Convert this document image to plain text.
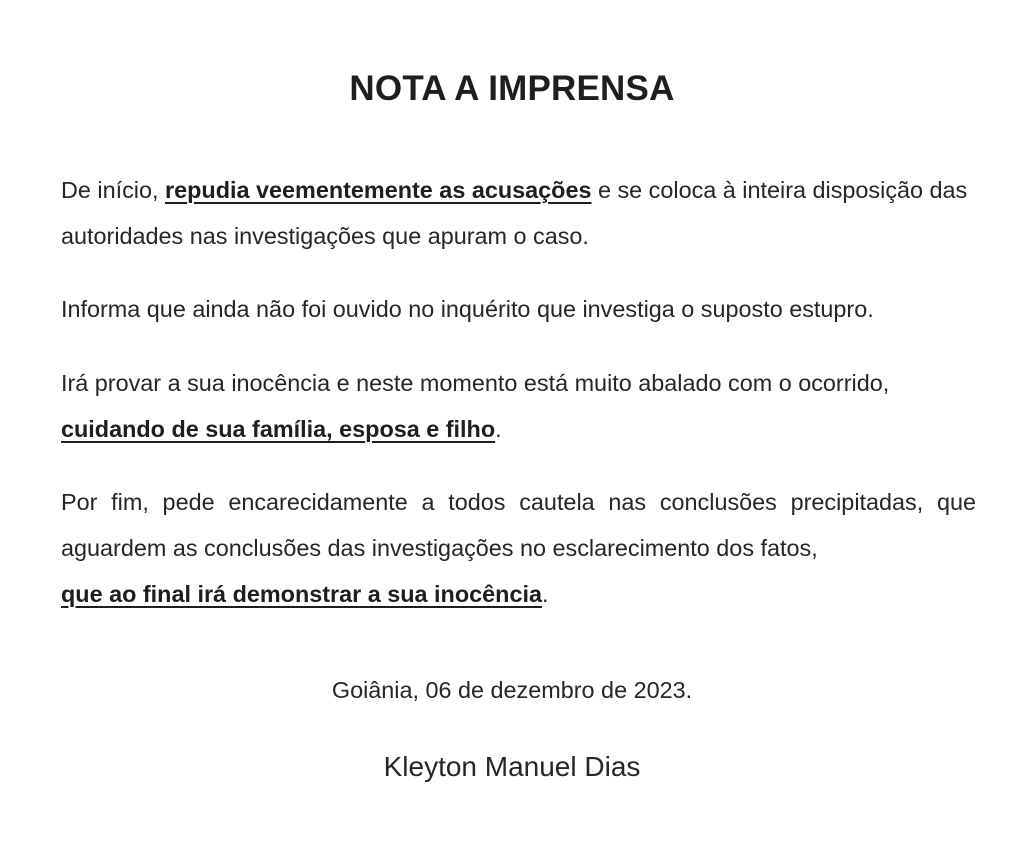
NOTA A IMPRENSA

De início, repudia veementemente as acusações e se coloca à inteira disposição das autoridades nas investigações que apuram o caso.

Informa que ainda não foi ouvido no inquérito que investiga o suposto estupro.

Irá provar a sua inocência e neste momento está muito abalado com o ocorrido,
cuidando de sua família, esposa e filho.

Por fim, pede encarecidamente a todos cautela nas conclusões precipitadas, que aguardem as conclusões das investigações no esclarecimento dos fatos,
que ao final irá demonstrar a sua inocência.

Goiânia, 06 de dezembro de 2023.

Kleyton Manuel Dias
